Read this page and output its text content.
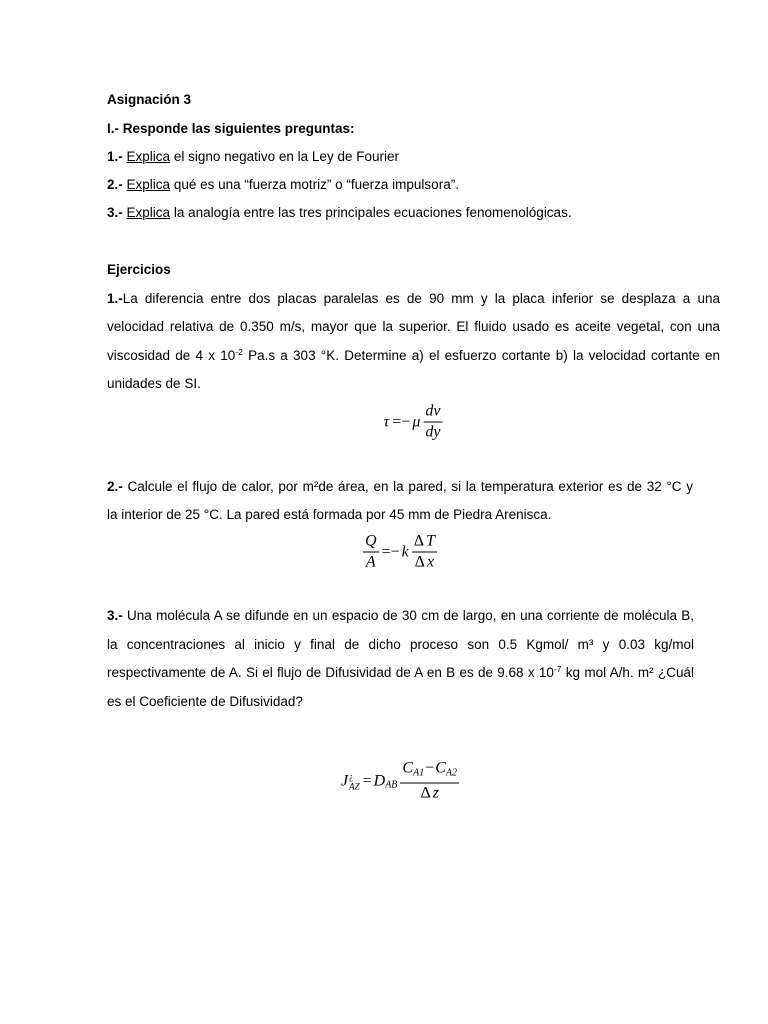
Asignación 3
I.- Responde las siguientes preguntas:
1.- Explica el signo negativo en la Ley de Fourier
2.- Explica qué es una “fuerza motriz” o “fuerza impulsora”.
3.- Explica la analogía entre las tres principales ecuaciones fenomenológicas.
Ejercicios
1.-La diferencia entre dos placas paralelas es de 90 mm y la placa inferior se desplaza a una
velocidad relativa de 0.350 m/s, mayor que la superior. El fluido usado es aceite vegetal, con una
viscosidad de 4 x $10^{-2}$ Pa.s a 303 °K. Determine a) el esfuerzo cortante b) la velocidad cortante en
unidades de SI.
τ =− μ $\frac{dv}{dy}$
2.- Calcule el flujo de calor, por m²de área, en la pared, si la temperatura exterior es de 32 °C y
la interior de 25 °C. La pared está formada por 45 mm de Piedra Arenisca.
$\frac{Q}{A} =- k \frac{\text{Δ T}}{\text{Δ x}}$
3.- Una molécula A se difunde en un espacio de 30 cm de largo, en una corriente de molécula B,
la concentraciones al inicio y final de dicho proceso son 0.5 Kgmol/ m³ y 0.03 kg/mol
respectivamente de A. Si el flujo de Difusividad de A en B es de 9.68 x $10^{-7}$ kg mol A/h. m² ¿Cuál
es el Coeficiente de Difusividad?
J ¿
AZ = D AB $\frac{CA1-CA2}{\text{Δ z}}$
